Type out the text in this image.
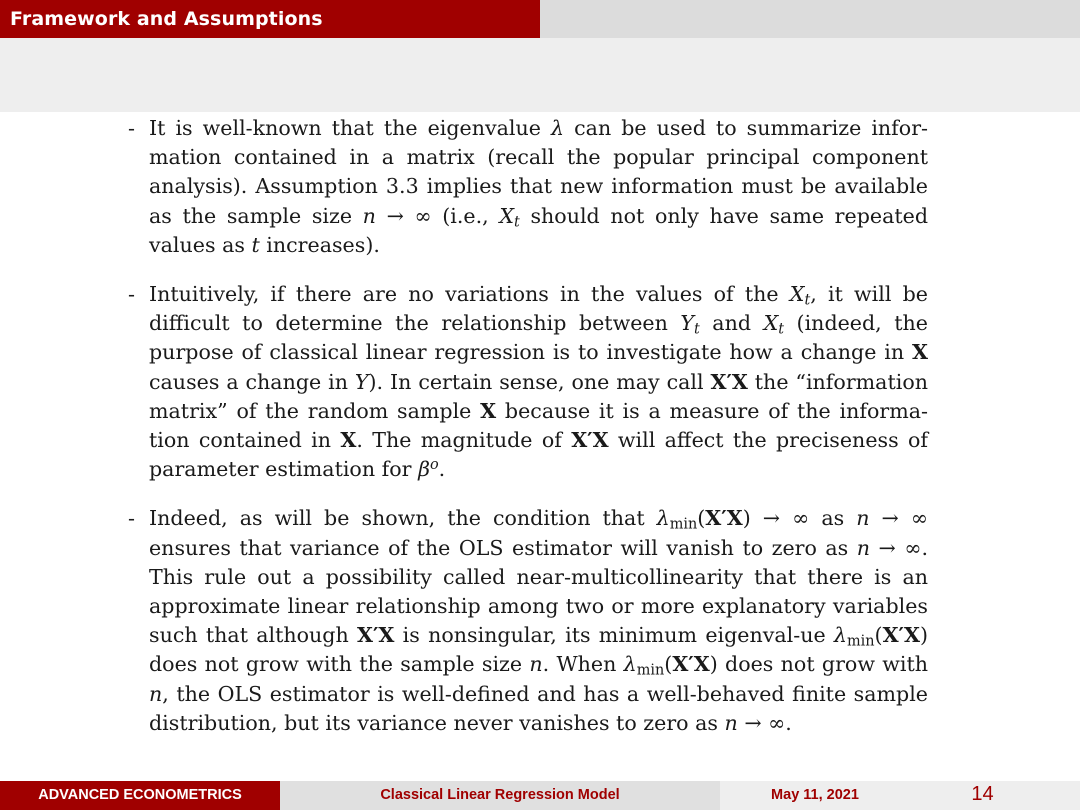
Framework and Assumptions
- It is well-known that the eigenvalue λ can be used to summarize infor-mation contained in a matrix (recall the popular principal component analysis). Assumption 3.3 implies that new information must be available as the sample size n → ∞ (i.e., $X_t$ should not only have same repeated values as t increases).
- Intuitively, if there are no variations in the values of the $X_t$, it will be difficult to determine the relationship between $Y_t$ and $X_t$ (indeed, the purpose of classical linear regression is to investigate how a change in X causes a change in Y). In certain sense, one may call X′X the “information matrix” of the random sample X because it is a measure of the informa-tion contained in X. The magnitude of X′X will affect the preciseness of parameter estimation for $\beta^o$.
- Indeed, as will be shown, the condition that $\lambda_{min}(X'X)$ → ∞ as n → ∞ ensures that variance of the OLS estimator will vanish to zero as n → ∞. This rule out a possibility called near-multicollinearity that there is an approximate linear relationship among two or more explanatory variables such that although X′X is nonsingular, its minimum eigenval-ue $\lambda_{min}(X'X)$ does not grow with the sample size n. When $\lambda_{min}(X'X)$ does not grow with n, the OLS estimator is well-defined and has a well-behaved finite sample distribution, but its variance never vanishes to zero as n → ∞.
ADVANCED ECONOMETRICS	Classical Linear Regression Model	May 11, 2021	14
